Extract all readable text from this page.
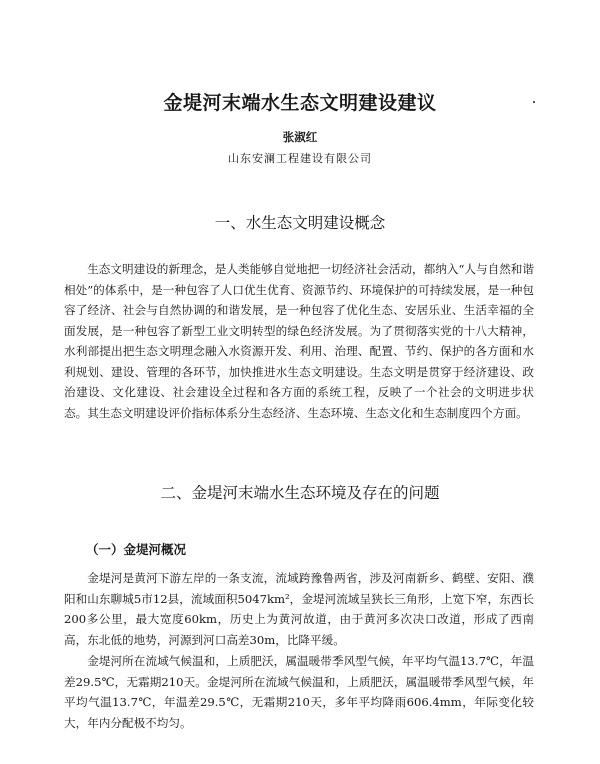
金堤河末端水生态文明建设建议
张淑红
山东安澜工程建设有限公司
一、水生态文明建设概念

生态文明建设的新理念，是人类能够自觉地把一切经济社会活动，都纳入“人与自然和谐相处”的体系中，是一种包容了人口优生优育、资源节约、环境保护的可持续发展，是一种包容了经济、社会与自然协调的和谐发展，是一种包容了优化生态、安居乐业、生活幸福的全面发展，是一种包容了新型工业文明转型的绿色经济发展。为了贯彻落实党的十八大精神，水利部提出把生态文明理念融入水资源开发、利用、治理、配置、节约、保护的各方面和水利规划、建设、管理的各环节，加快推进水生态文明建设。生态文明是贯穿于经济建设、政治建设、文化建设、社会建设全过程和各方面的系统工程，反映了一个社会的文明进步状态。其生态文明建设评价指标体系分生态经济、生态环境、生态文化和生态制度四个方面。

二、金堤河末端水生态环境及存在的问题
（一）金堤河概况

金堤河是黄河下游左岸的一条支流，流域跨豫鲁两省，涉及河南新乡、鹤壁、安阳、濮阳和山东聊城5市12县，流域面积5047km²，金堤河流域呈狭长三角形，上宽下窄，东西长200多公里，最大宽度60km，历史上为黄河故道，由于黄河多次决口改道，形成了西南高，东北低的地势，河源到河口高差30m，比降平缓。

金堤河所在流域气候温和，上质肥沃，属温暖带季风型气候，年平均气温13.7℃，年温差29.5℃，无霜期210天。金堤河所在流域气候温和，上质肥沃，属温暖带季风型气候，年平均气温13.7℃，年温差29.5℃，无霜期210天，多年平均降雨606.4mm，年际变化较大，年内分配极不均匀。
